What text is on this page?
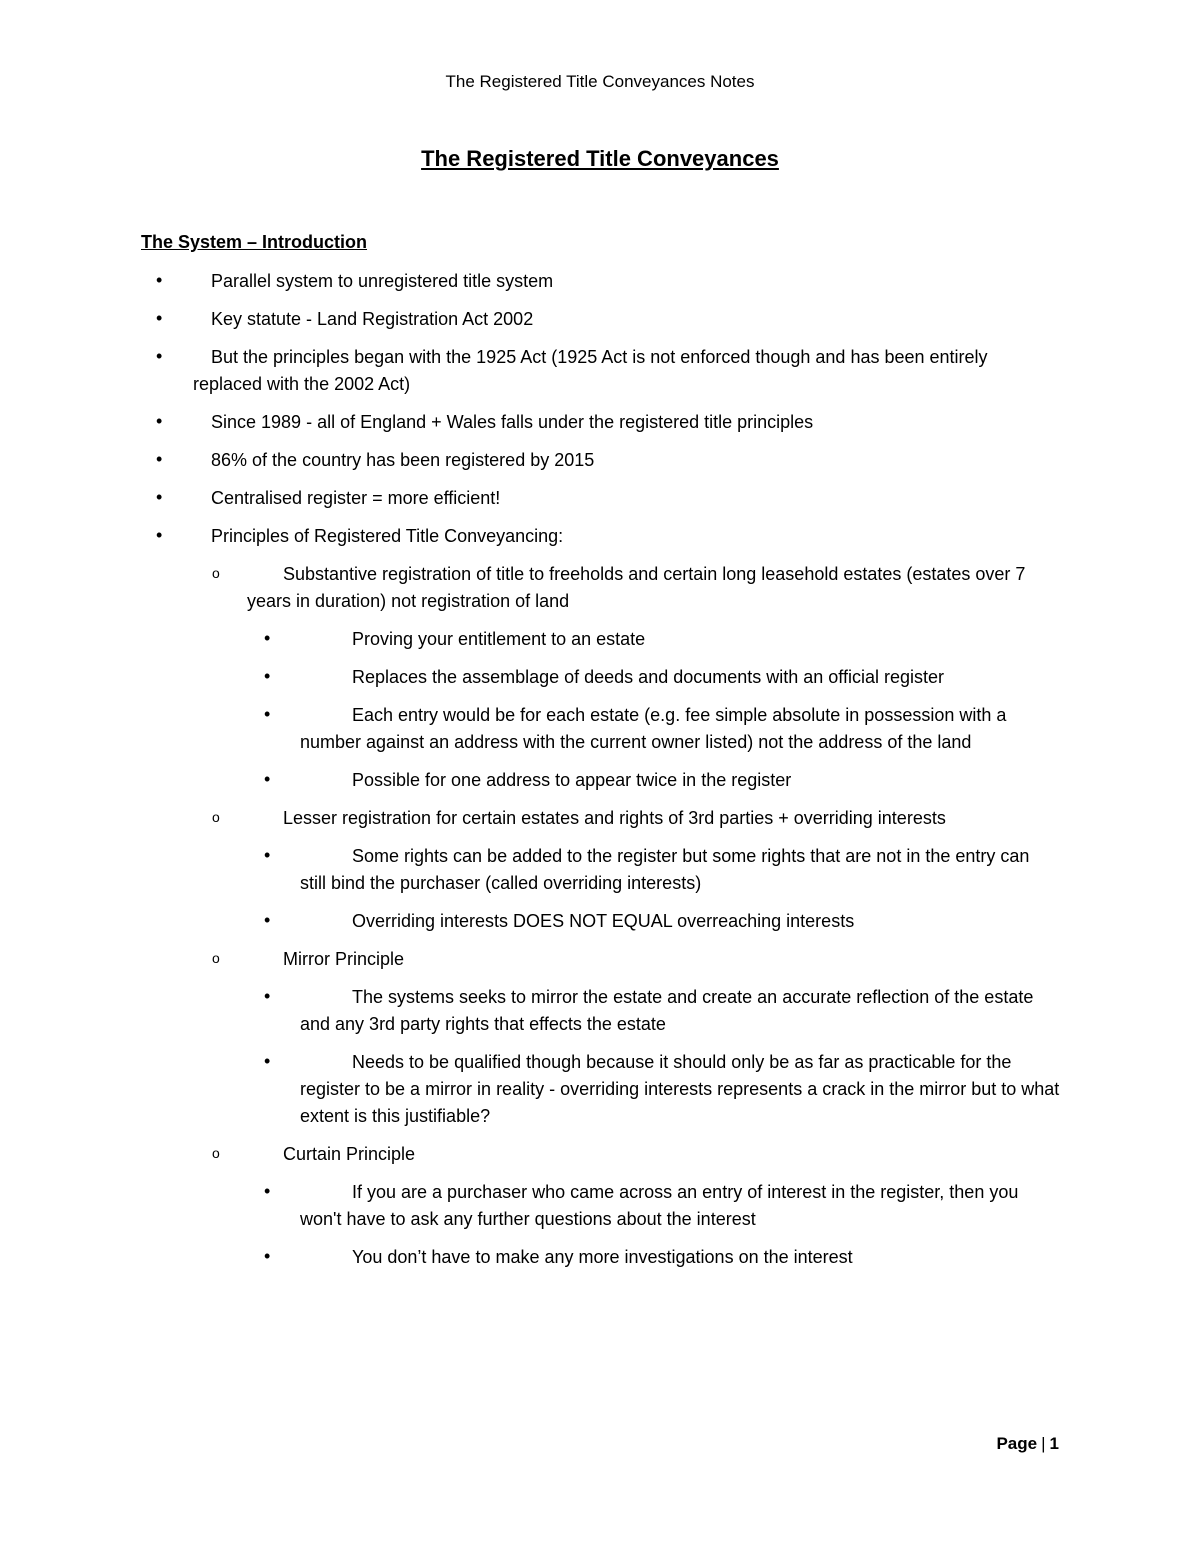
The Registered Title Conveyances Notes
The Registered Title Conveyances
The System – Introduction
•	Parallel system to unregistered title system
•	Key statute - Land Registration Act 2002
•	But the principles began with the 1925 Act (1925 Act is not enforced though and has been entirely replaced with the 2002 Act)
•	Since 1989 - all of England + Wales falls under the registered title principles
•	86% of the country has been registered by 2015
•	Centralised register = more efficient!
•	Principles of Registered Title Conveyancing:
o	Substantive registration of title to freeholds and certain long leasehold estates (estates over 7 years in duration) not registration of land
•	Proving your entitlement to an estate
•	Replaces the assemblage of deeds and documents with an official register
•	Each entry would be for each estate (e.g. fee simple absolute in possession with a number against an address with the current owner listed) not the address of the land
•	Possible for one address to appear twice in the register
o	Lesser registration for certain estates and rights of 3rd parties + overriding interests
•	Some rights can be added to the register but some rights that are not in the entry can still bind the purchaser (called overriding interests)
•	Overriding interests DOES NOT EQUAL overreaching interests
o	Mirror Principle
•	The systems seeks to mirror the estate and create an accurate reflection of the estate and any 3rd party rights that effects the estate
•	Needs to be qualified though because it should only be as far as practicable for the register to be a mirror in reality - overriding interests represents a crack in the mirror but to what extent is this justifiable?
o	Curtain Principle
•	If you are a purchaser who came across an entry of interest in the register, then you won't have to ask any further questions about the interest
•	You don’t have to make any more investigations on the interest
Page | 1
